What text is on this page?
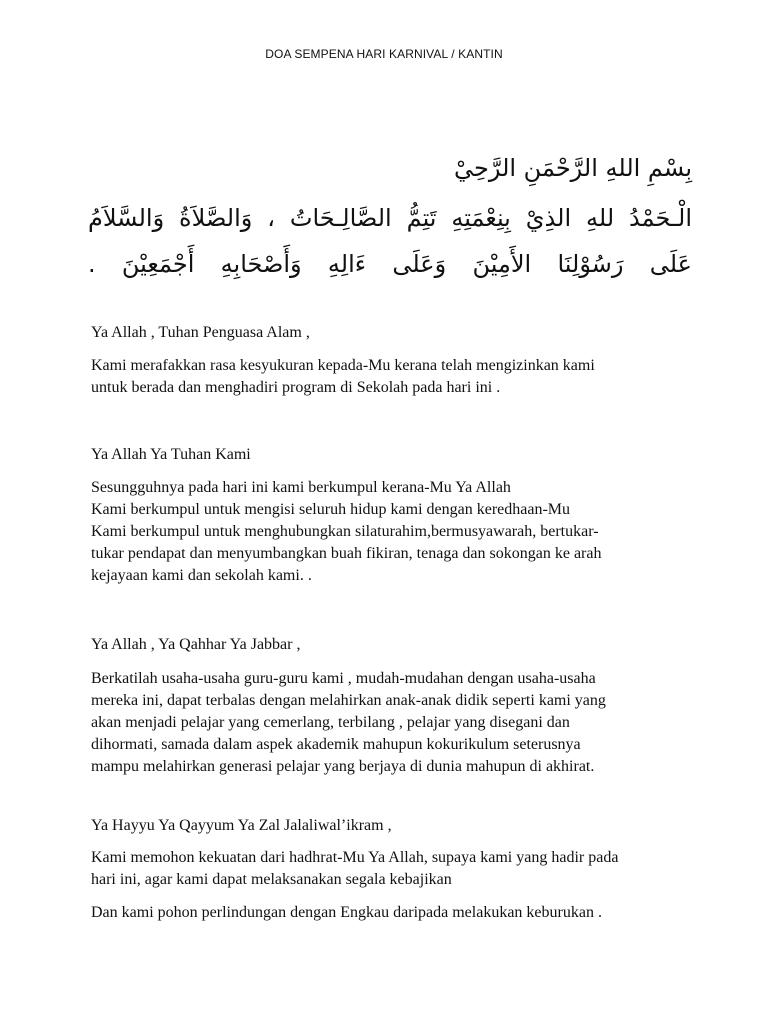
DOA SEMPENA HARI KARNIVAL / KANTIN
بِسْمِ اللهِ الرَّحْمَنِ الرَّحِيْ
الْـحَمْدُ للهِ الذِيْ بِنِعْمَتِهِ تَتِمُّ الصَّالِـحَاتُ ، وَالصَّلاَةُ وَالسَّلاَمُ
عَلَى رَسُوْلِنَا الأَمِيْنَ وَعَلَى ءَالِهِ وَأَصْحَابِهِ أَجْمَعِيْنَ .
Ya Allah , Tuhan Penguasa Alam ,
Kami merafakkan rasa kesyukuran kepada-Mu kerana telah mengizinkan kami
untuk berada dan menghadiri program di Sekolah pada hari ini .
Ya Allah Ya Tuhan Kami
Sesungguhnya pada hari ini kami berkumpul kerana-Mu Ya Allah
Kami berkumpul untuk mengisi seluruh hidup kami dengan keredhaan-Mu
Kami berkumpul untuk menghubungkan silaturahim,bermusyawarah, bertukar-
tukar pendapat dan menyumbangkan buah fikiran, tenaga dan sokongan ke arah
kejayaan kami dan sekolah kami. .
Ya Allah , Ya Qahhar Ya Jabbar ,
Berkatilah usaha-usaha guru-guru kami , mudah-mudahan dengan usaha-usaha
mereka ini, dapat terbalas dengan melahirkan anak-anak didik seperti kami yang
akan menjadi pelajar yang cemerlang, terbilang , pelajar yang disegani dan
dihormati, samada dalam aspek akademik mahupun kokurikulum seterusnya
mampu melahirkan generasi pelajar yang berjaya di dunia mahupun di akhirat.
Ya Hayyu Ya Qayyum Ya Zal Jalaliwal’ikram ,
Kami memohon kekuatan dari hadhrat-Mu Ya Allah, supaya kami yang hadir pada
hari ini, agar kami dapat melaksanakan segala kebajikan
Dan kami pohon perlindungan dengan Engkau daripada melakukan keburukan .
